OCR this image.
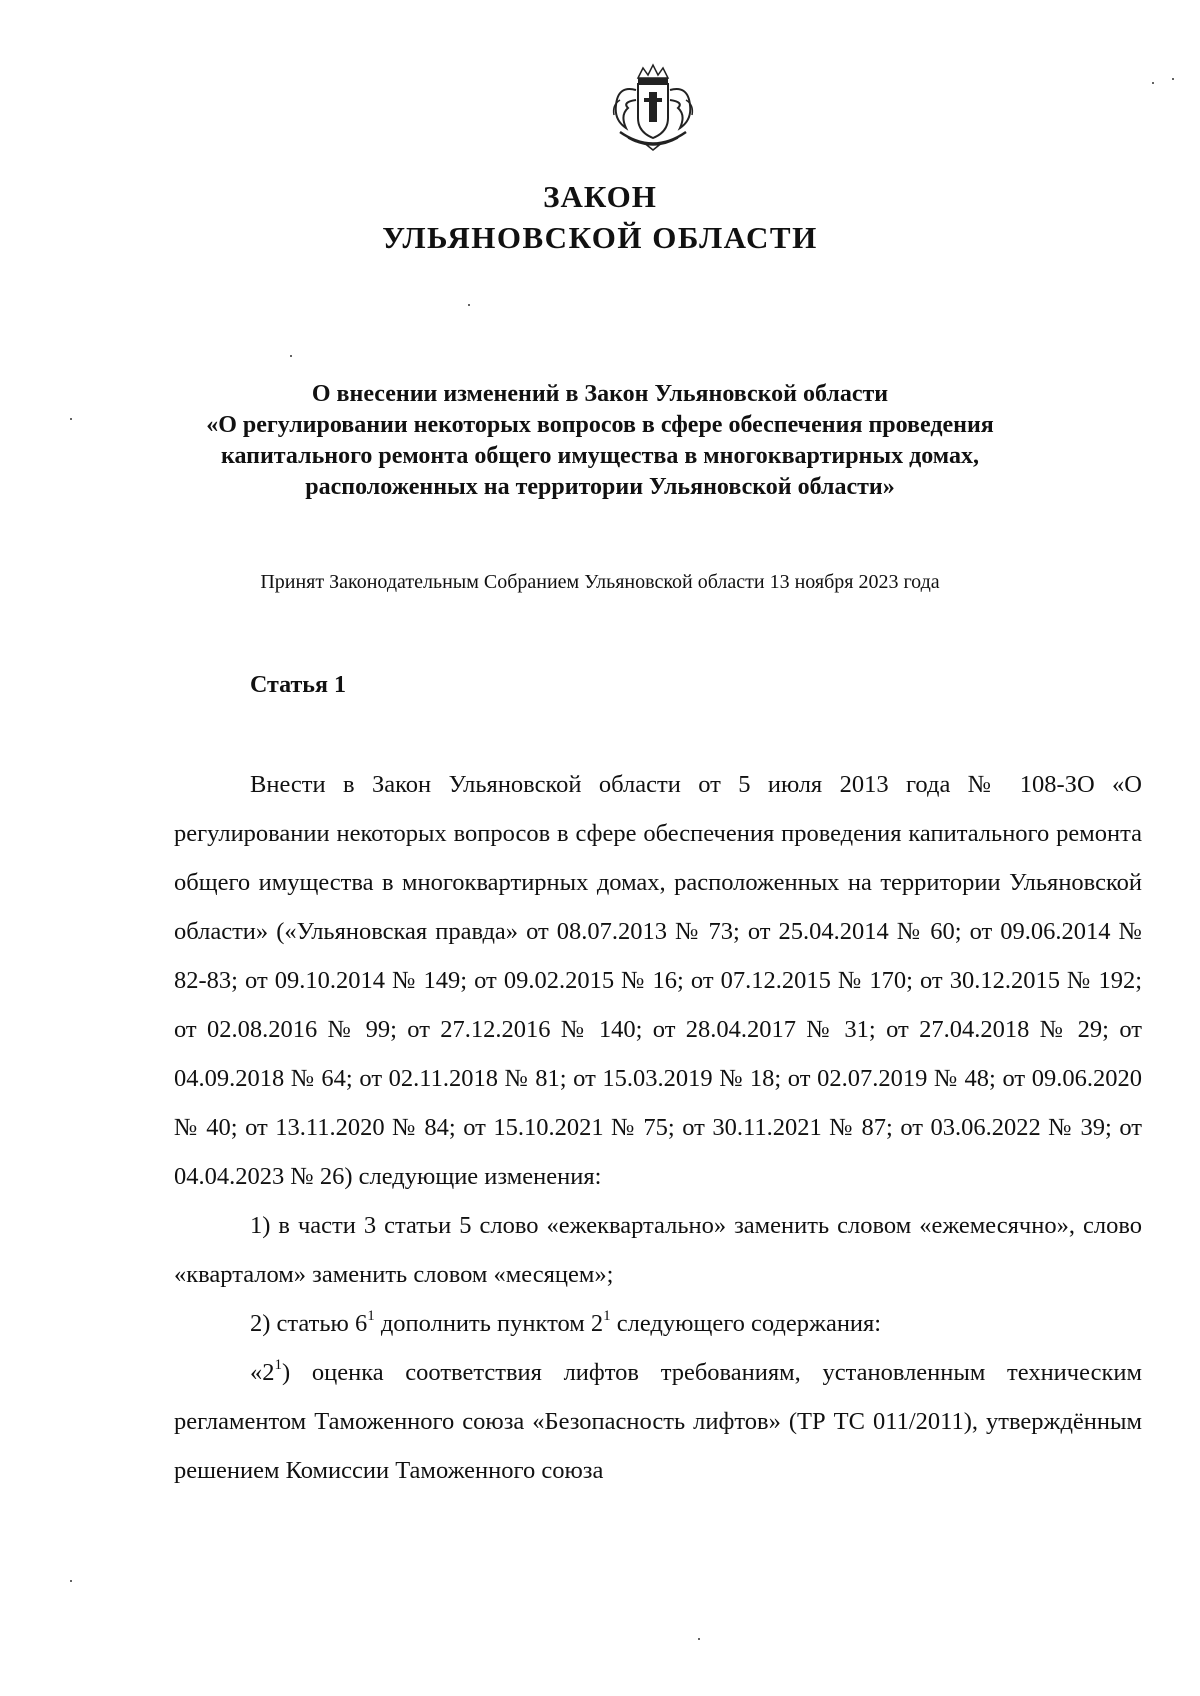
ЗАКОН
УЛЬЯНОВСКОЙ ОБЛАСТИ
О внесении изменений в Закон Ульяновской области
«О регулировании некоторых вопросов в сфере обеспечения проведения
капитального ремонта общего имущества в многоквартирных домах,
расположенных на территории Ульяновской области»
Принят Законодательным Собранием Ульяновской области 13 ноября 2023 года
Статья 1

Внести в Закон Ульяновской области от 5 июля 2013 года № 108-ЗО «О регулировании некоторых вопросов в сфере обеспечения проведения капитального ремонта общего имущества в многоквартирных домах, расположенных на территории Ульяновской области» («Ульяновская правда» от 08.07.2013 № 73; от 25.04.2014 № 60; от 09.06.2014 № 82-83; от 09.10.2014 № 149; от 09.02.2015 № 16; от 07.12.2015 № 170; от 30.12.2015 № 192; от 02.08.2016 № 99; от 27.12.2016 № 140; от 28.04.2017 № 31; от 27.04.2018 № 29; от 04.09.2018 № 64; от 02.11.2018 № 81; от 15.03.2019 № 18; от 02.07.2019 № 48; от 09.06.2020 № 40; от 13.11.2020 № 84; от 15.10.2021 № 75; от 30.11.2021 № 87; от 03.06.2022 № 39; от 04.04.2023 № 26) следующие изменения:

1) в части 3 статьи 5 слово «ежеквартально» заменить словом «ежемесячно», слово «кварталом» заменить словом «месяцем»;

2) статью $6^1$ дополнить пунктом $2^1$ следующего содержания:

«$2^1$) оценка соответствия лифтов требованиям, установленным техническим регламентом Таможенного союза «Безопасность лифтов» (ТР ТС 011/2011), утверждённым решением Комиссии Таможенного союза
